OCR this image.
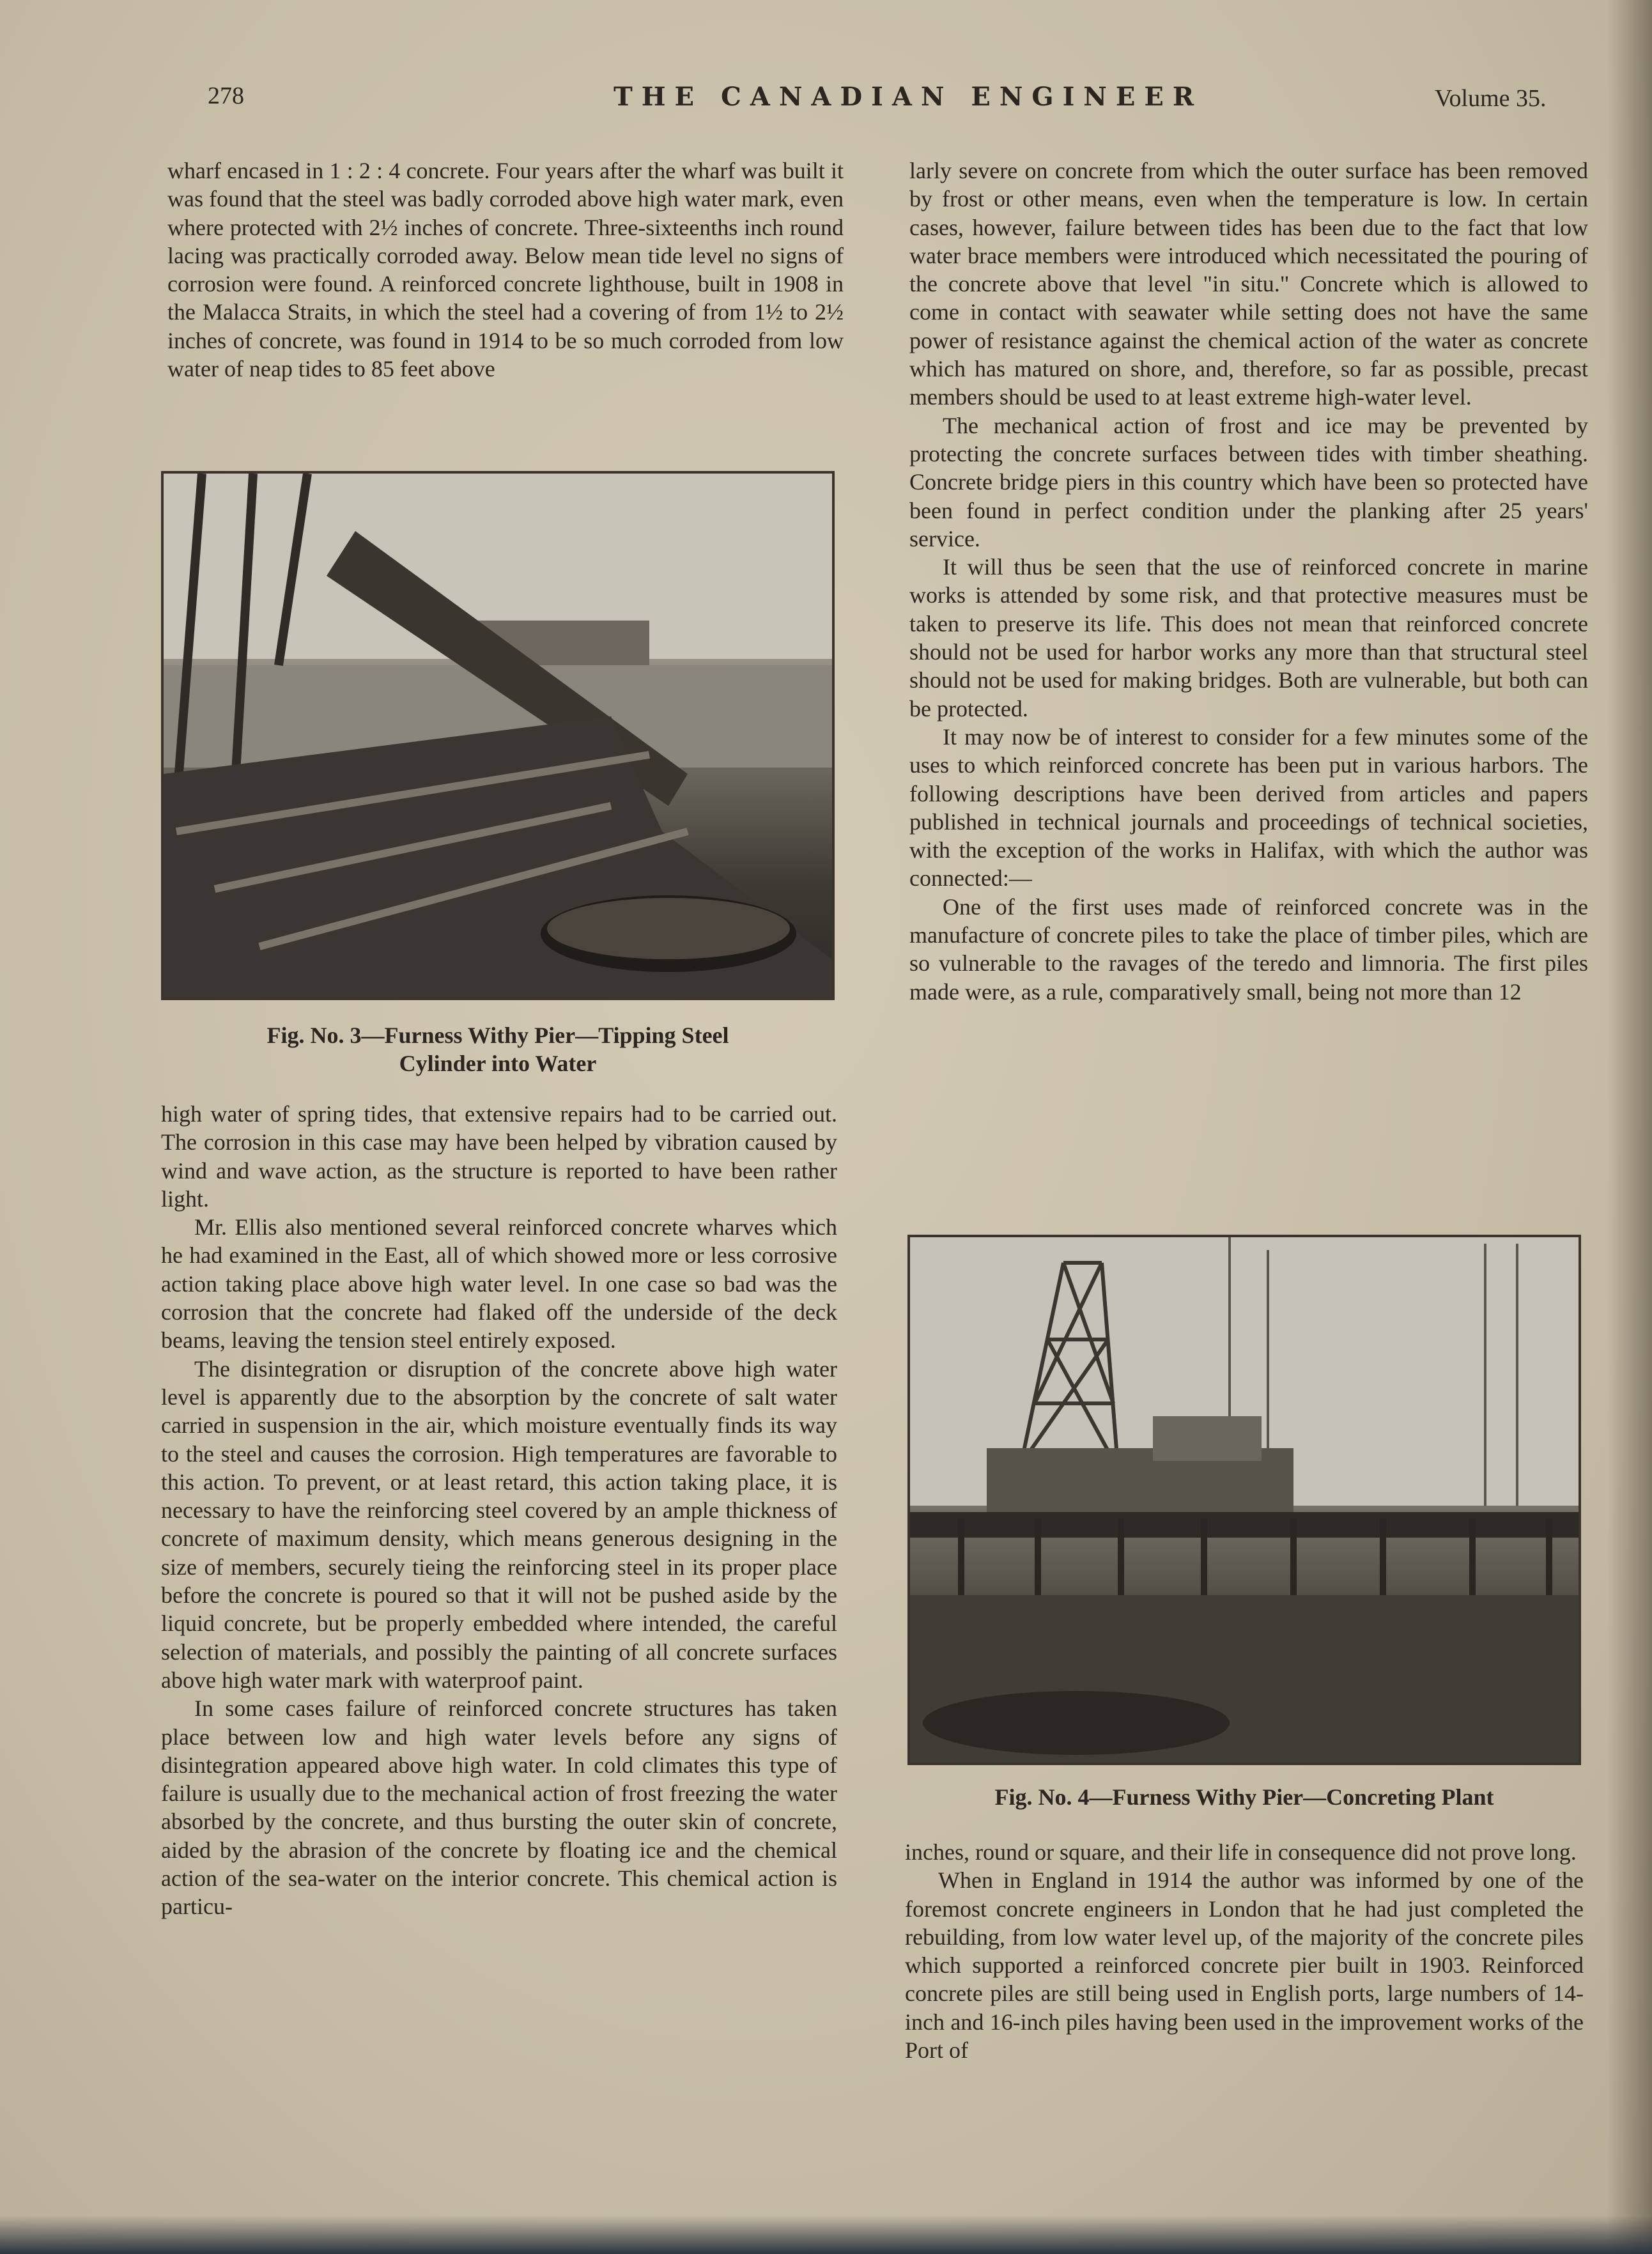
278	THE CANADIAN ENGINEER	Volume 35.

wharf encased in 1 : 2 : 4 concrete. Four years after the wharf was built it was found that the steel was badly corroded above high water mark, even where protected with 2½ inches of concrete. Three-sixteenths inch round lacing was practically corroded away. Below mean tide level no signs of corrosion were found. A reinforced concrete lighthouse, built in 1908 in the Malacca Straits, in which the steel had a covering of from 1½ to 2½ inches of concrete, was found in 1914 to be so much corroded from low water of neap tides to 85 feet above

Fig. No. 3—Furness Withy Pier—Tipping Steel
Cylinder into Water

high water of spring tides, that extensive repairs had to be carried out. The corrosion in this case may have been helped by vibration caused by wind and wave action, as the structure is reported to have been rather light.

Mr. Ellis also mentioned several reinforced concrete wharves which he had examined in the East, all of which showed more or less corrosive action taking place above high water level. In one case so bad was the corrosion that the concrete had flaked off the underside of the deck beams, leaving the tension steel entirely exposed.

The disintegration or disruption of the concrete above high water level is apparently due to the absorption by the concrete of salt water carried in suspension in the air, which moisture eventually finds its way to the steel and causes the corrosion. High temperatures are favorable to this action. To prevent, or at least retard, this action taking place, it is necessary to have the reinforcing steel covered by an ample thickness of concrete of maximum density, which means generous designing in the size of members, securely tieing the reinforcing steel in its proper place before the concrete is poured so that it will not be pushed aside by the liquid concrete, but be properly embedded where intended, the careful selection of materials, and possibly the painting of all concrete surfaces above high water mark with waterproof paint.

In some cases failure of reinforced concrete structures has taken place between low and high water levels before any signs of disintegration appeared above high water. In cold climates this type of failure is usually due to the mechanical action of frost freezing the water absorbed by the concrete, and thus bursting the outer skin of concrete, aided by the abrasion of the concrete by floating ice and the chemical action of the sea-water on the interior concrete. This chemical action is particu-

larly severe on concrete from which the outer surface has been removed by frost or other means, even when the temperature is low. In certain cases, however, failure between tides has been due to the fact that low water brace members were introduced which necessitated the pouring of the concrete above that level "in situ." Concrete which is allowed to come in contact with seawater while setting does not have the same power of resistance against the chemical action of the water as concrete which has matured on shore, and, therefore, so far as possible, precast members should be used to at least extreme high-water level.

The mechanical action of frost and ice may be prevented by protecting the concrete surfaces between tides with timber sheathing. Concrete bridge piers in this country which have been so protected have been found in perfect condition under the planking after 25 years' service.

It will thus be seen that the use of reinforced concrete in marine works is attended by some risk, and that protective measures must be taken to preserve its life. This does not mean that reinforced concrete should not be used for harbor works any more than that structural steel should not be used for making bridges. Both are vulnerable, but both can be protected.

It may now be of interest to consider for a few minutes some of the uses to which reinforced concrete has been put in various harbors. The following descriptions have been derived from articles and papers published in technical journals and proceedings of technical societies, with the exception of the works in Halifax, with which the author was connected:—

One of the first uses made of reinforced concrete was in the manufacture of concrete piles to take the place of timber piles, which are so vulnerable to the ravages of the teredo and limnoria. The first piles made were, as a rule, comparatively small, being not more than 12

Fig. No. 4—Furness Withy Pier—Concreting Plant

inches, round or square, and their life in consequence did not prove long.

When in England in 1914 the author was informed by one of the foremost concrete engineers in London that he had just completed the rebuilding, from low water level up, of the majority of the concrete piles which supported a reinforced concrete pier built in 1903. Reinforced concrete piles are still being used in English ports, large numbers of 14-inch and 16-inch piles having been used in the improvement works of the Port of
